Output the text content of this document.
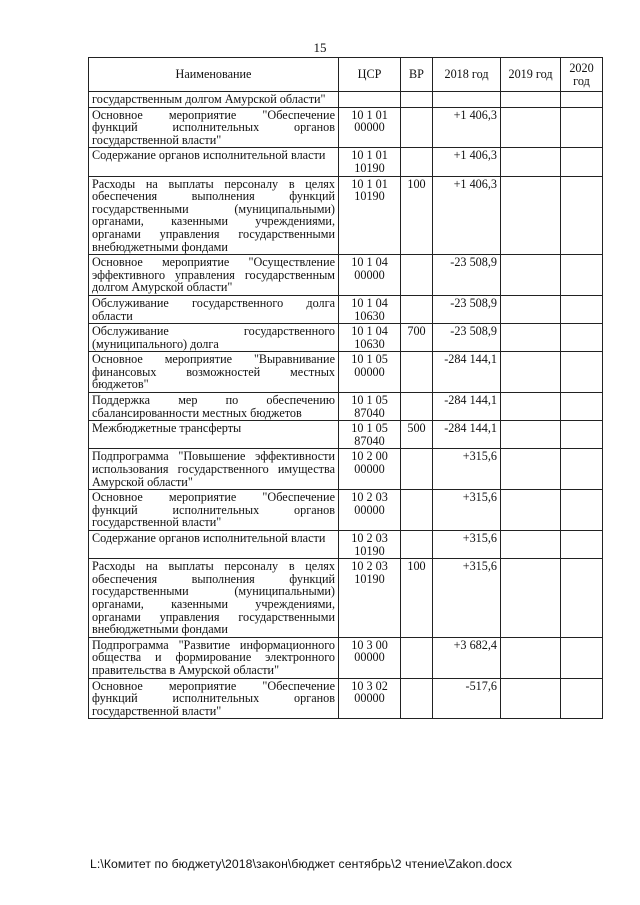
15
Наименование	ЦСР	ВР	2018 год	2019 год	2020 год
государственным долгом Амурской области"					
Основное мероприятие "Обеспечение функций исполнительных органов государственной власти"	10 1 01 00000		+1 406,3		
Содержание органов исполнительной власти	10 1 01 10190		+1 406,3		
Расходы на выплаты персоналу в целях обеспечения выполнения функций государственными (муниципальными) органами, казенными учреждениями, органами управления государственными внебюджетными фондами	10 1 01 10190	100	+1 406,3		
Основное мероприятие "Осуществление эффективного управления государственным долгом Амурской области"	10 1 04 00000		-23 508,9		
Обслуживание государственного долга области	10 1 04 10630		-23 508,9		
Обслуживание государственного (муниципального) долга	10 1 04 10630	700	-23 508,9		
Основное мероприятие "Выравнивание финансовых возможностей местных бюджетов"	10 1 05 00000		-284 144,1		
Поддержка мер по обеспечению сбалансированности местных бюджетов	10 1 05 87040		-284 144,1		
Межбюджетные трансферты	10 1 05 87040	500	-284 144,1		
Подпрограмма "Повышение эффективности использования государственного имущества Амурской области"	10 2 00 00000		+315,6		
Основное мероприятие "Обеспечение функций исполнительных органов государственной власти"	10 2 03 00000		+315,6		
Содержание органов исполнительной власти	10 2 03 10190		+315,6		
Расходы на выплаты персоналу в целях обеспечения выполнения функций государственными (муниципальными) органами, казенными учреждениями, органами управления государственными внебюджетными фондами	10 2 03 10190	100	+315,6		
Подпрограмма "Развитие информационного общества и формирование электронного правительства в Амурской области"	10 3 00 00000		+3 682,4		
Основное мероприятие "Обеспечение функций исполнительных органов государственной власти"	10 3 02 00000		-517,6		
L:\Комитет по бюджету\2018\закон\бюджет сентябрь\2 чтение\Zakon.docx
